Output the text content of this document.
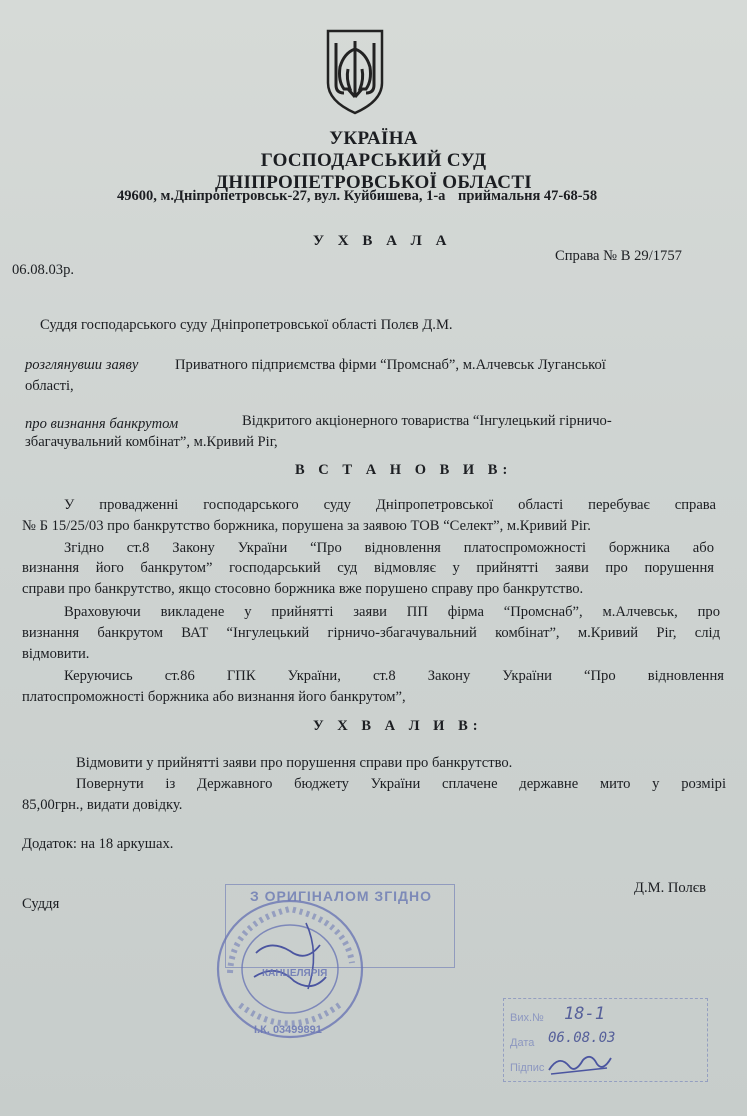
УКРАЇНА
ГОСПОДАРСЬКИЙ СУД
ДНІПРОПЕТРОВСЬКОЇ ОБЛАСТІ
49600, м.Дніпропетровськ-27, вул. Куйбишева, 1-а приймальня 47-68-58
У Х В А Л А
06.08.03р.
Справа № В 29/1757
Суддя господарського суду Дніпропетровської області Полєв Д.М.
розглянувши заяву	Приватного підприємства фірми “Промснаб”, м.Алчевськ Луганської
області,
про визнання банкрутом	Відкритого акціонерного товариства “Інгулецький гірничо-
збагачувальний комбінат”, м.Кривий Ріг,
В С Т А Н О В И В:
У провадженні господарського суду Дніпропетровської області перебуває справа
№ Б 15/25/03 про банкрутство боржника, порушена за заявою ТОВ “Селект”, м.Кривий Ріг.
Згідно ст.8 Закону України “Про відновлення платоспроможності боржника або
визнання його банкрутом” господарський суд відмовляє у прийнятті заяви про порушення
справи про банкрутство, якщо стосовно боржника вже порушено справу про банкрутство.
Враховуючи викладене у прийнятті заяви ПП фірма “Промснаб”, м.Алчевськ, про
визнання банкрутом ВАТ “Інгулецький гірничо-збагачувальний комбінат”, м.Кривий Ріг, слід
відмовити.
Керуючись ст.86 ГПК України, ст.8 Закону України “Про відновлення
платоспроможності боржника або визнання його банкрутом”,
У Х В А Л И В:
Відмовити у прийнятті заяви про порушення справи про банкрутство.
Повернути із Державного бюджету України сплачене державне мито у розмірі
85,00грн., видати довідку.
Додаток: на 18 аркушах.
Суддя
Д.М. Полєв
З ОРИГІНАЛОМ ЗГІДНО
КАНЦЕЛЯРІЯ
І.К. 03499891
Вих.№ 18-1
Дата 06.08.03
Підпис
